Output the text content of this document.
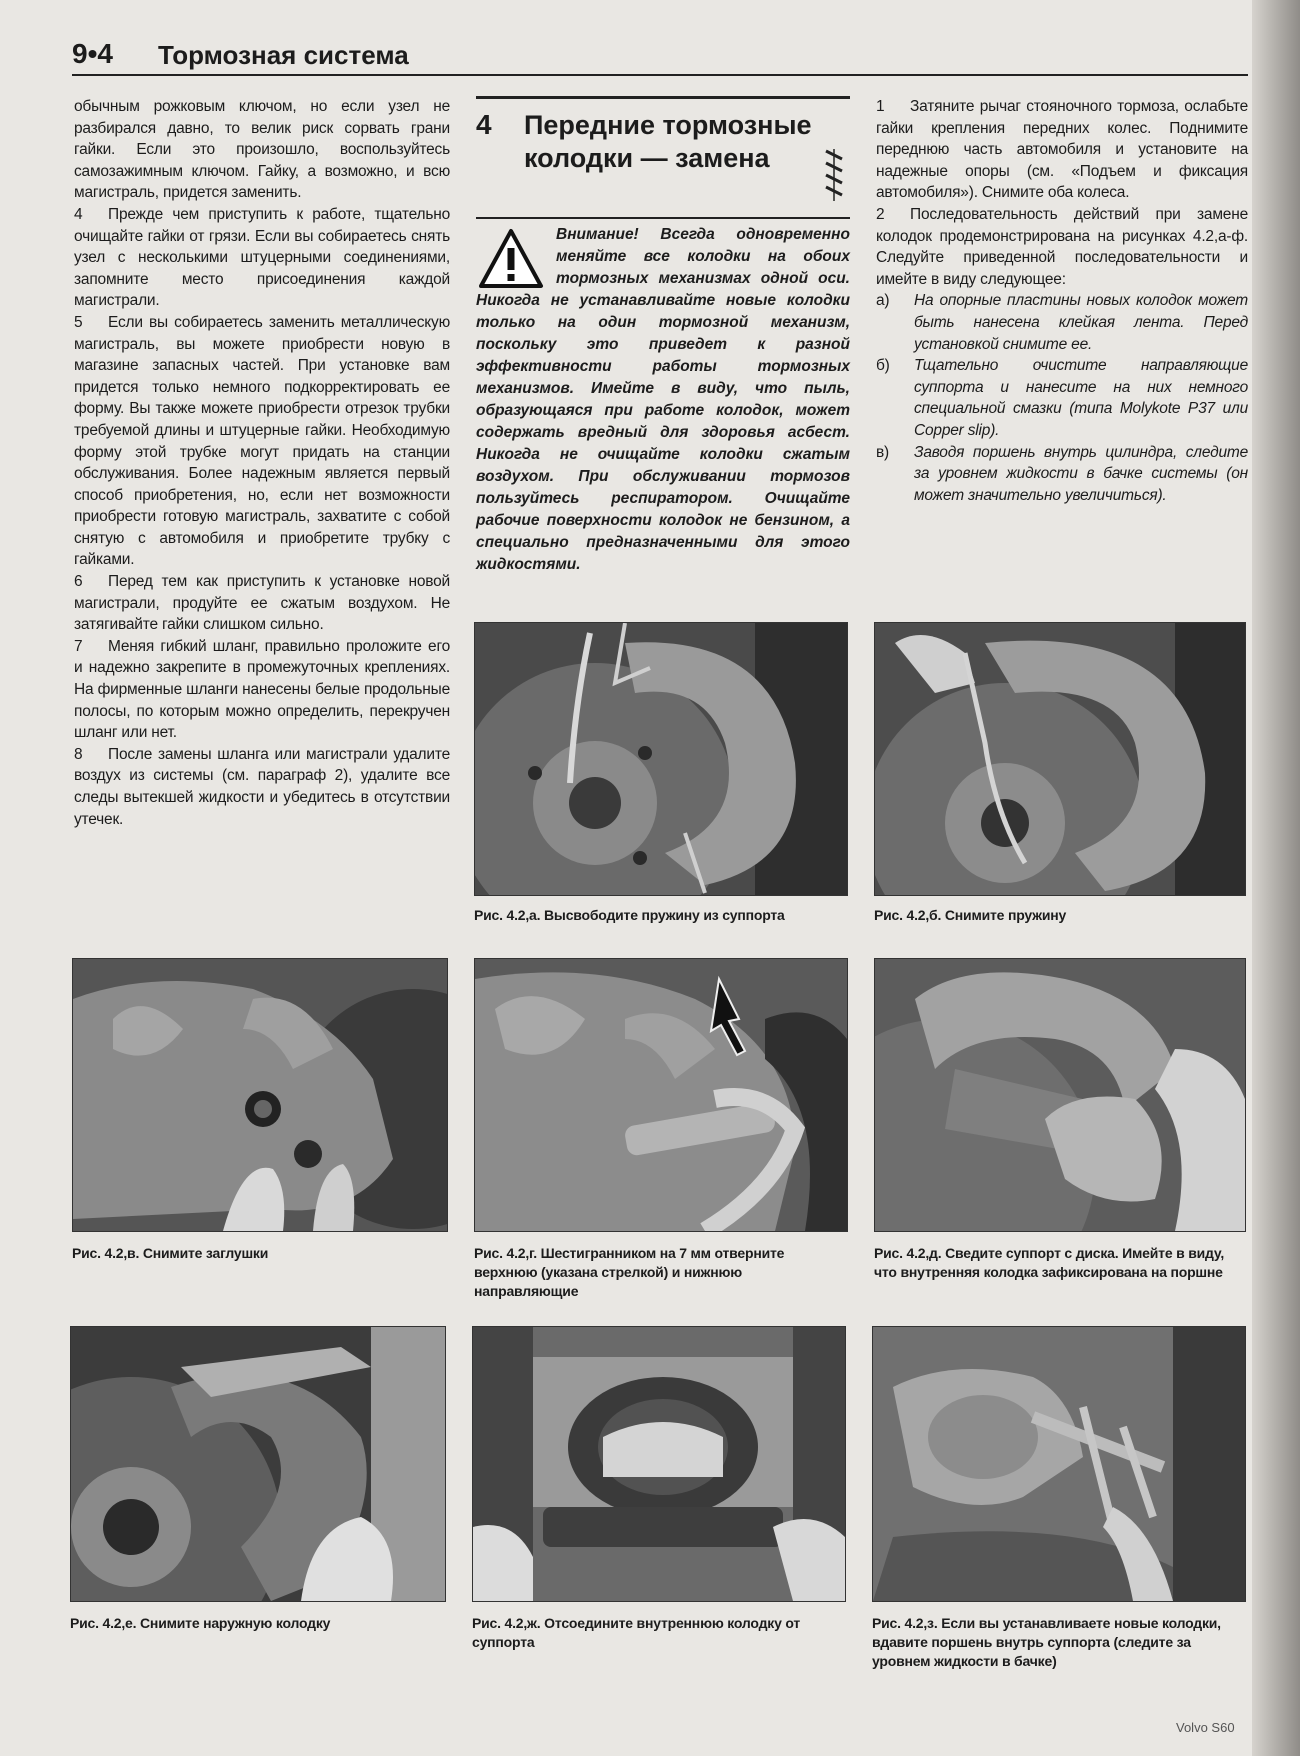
9•4 Тормозная система

обычным рожковым ключом, но если узел не разбирался давно, то велик риск сорвать грани гайки. Если это произошло, воспользуйтесь самозажимным ключом. Гайку, а возможно, и всю магистраль, придется заменить.

4 Прежде чем приступить к работе, тщательно очищайте гайки от грязи. Если вы собираетесь снять узел с несколькими штуцерными соединениями, запомните место присоединения каждой магистрали.

5 Если вы собираетесь заменить металлическую магистраль, вы можете приобрести новую в магазине запасных частей. При установке вам придется только немного подкорректировать ее форму. Вы также можете приобрести отрезок трубки требуемой длины и штуцерные гайки. Необходимую форму этой трубке могут придать на станции обслуживания. Более надежным является первый способ приобретения, но, если нет возможности приобрести готовую магистраль, захватите с собой снятую с автомобиля и приобретите трубку с гайками.

6 Перед тем как приступить к установке новой магистрали, продуйте ее сжатым воздухом. Не затягивайте гайки слишком сильно.

7 Меняя гибкий шланг, правильно проложите его и надежно закрепите в промежуточных креплениях. На фирменные шланги нанесены белые продольные полосы, по которым можно определить, перекручен шланг или нет.

8 После замены шланга или магистрали удалите воздух из системы (см. параграф 2), удалите все следы вытекшей жидкости и убедитесь в отсутствии утечек.

4 Передние тормозные колодки — замена
Внимание! Всегда одновременно меняйте все колодки на обоих тормозных механизмах одной оси. Никогда не устанавливайте новые колодки только на один тормозной механизм, поскольку это приведет к разной эффективности работы тормозных механизмов. Имейте в виду, что пыль, образующаяся при работе колодок, может содержать вредный для здоровья асбест. Никогда не очищайте колодки сжатым воздухом. При обслуживании тормозов пользуйтесь респиратором. Очищайте рабочие поверхности колодок не бензином, а специально предназначенными для этого жидкостями.

1 Затяните рычаг стояночного тормоза, ослабьте гайки крепления передних колес. Поднимите переднюю часть автомобиля и установите на надежные опоры (см. «Подъем и фиксация автомобиля»). Снимите оба колеса.

2 Последовательность действий при замене колодок продемонстрирована на рисунках 4.2,а-ф. Следуйте приведенной последовательности и имейте в виду следующее:

а)	На опорные пластины новых колодок может быть нанесена клейкая лента. Перед установкой снимите ее.
б)	Тщательно очистите направляющие суппорта и нанесите на них немного специальной смазки (типа Molykote P37 или Copper slip).
в)	Заводя поршень внутрь цилиндра, следите за уровнем жидкости в бачке системы (он может значительно увеличиться).
Рис. 4.2,а. Высвободите пружину из суппорта	Рис. 4.2,б. Снимите пружину
Рис. 4.2,в. Снимите заглушки	Рис. 4.2,г. Шестигранником на 7 мм отверните верхнюю (указана стрелкой) и нижнюю направляющие
Рис. 4.2,д. Сведите суппорт с диска. Имейте в виду, что внутренняя колодка зафиксирована на поршне
Рис. 4.2,е. Снимите наружную колодку	Рис. 4.2,ж. Отсоедините внутреннюю колодку от суппорта
Рис. 4.2,з. Если вы устанавливаете новые колодки, вдавите поршень внутрь суппорта (следите за уровнем жидкости в бачке)
Volvo S60
